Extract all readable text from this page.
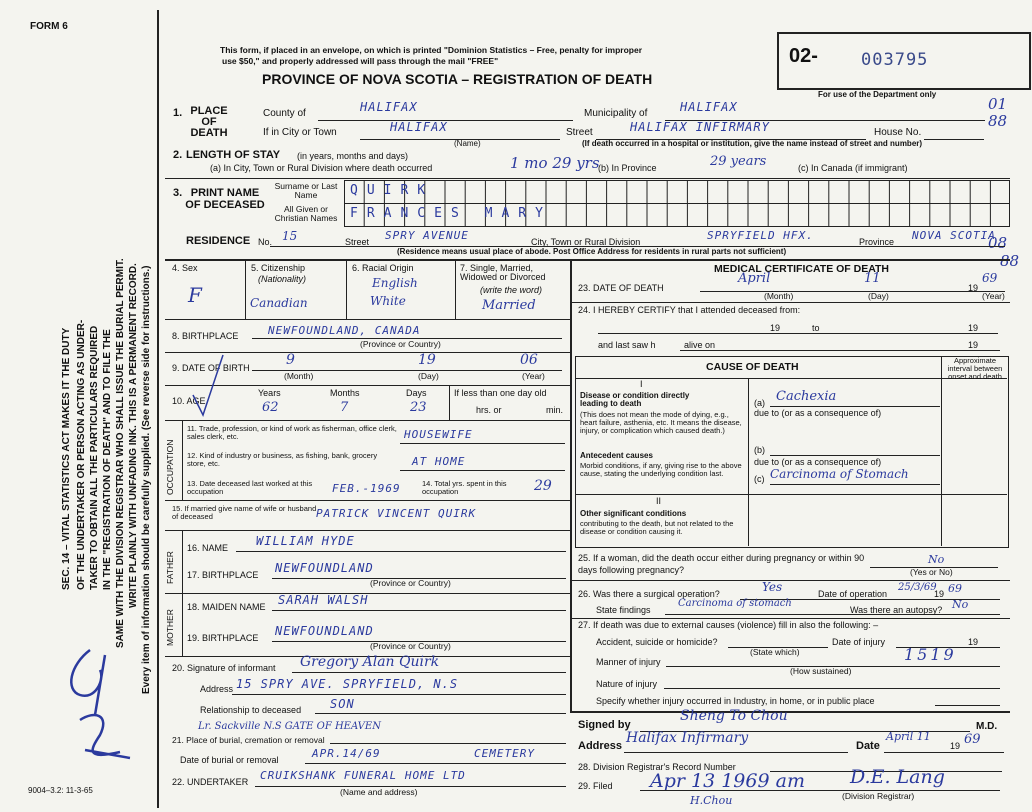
FORM 6
SEC. 14 – VITAL STATISTICS ACT MAKES IT THE DUTY OF THE UNDERTAKER OR PERSON ACTING AS UNDER- TAKER TO OBTAIN ALL THE PARTICULARS REQUIRED IN THE "REGISTRATION OF DEATH" AND TO FILE THE SAME WITH THE DIVISION REGISTRAR WHO SHALL ISSUE THE BURIAL PERMIT. WRITE PLAINLY WITH UNFADING INK. THIS IS A PERMANENT RECORD. Every item of information should be carefully supplied. (See reverse side for instructions.)
9004–3.2: 11-3-65
This form, if placed in an envelope, on which is printed "Dominion Statistics – Free, penalty for improper
use $50," and properly addressed will pass through the mail "FREE"
PROVINCE OF NOVA SCOTIA – REGISTRATION OF DEATH
02-	003795
For use of the Department only
01
88
08
88
1. PLACE OF DEATH
County of	HALIFAX	Municipality of	HALIFAX
If in City or Town	HALIFAX
(Name)
Street	HALIFAX INFIRMARY	House No.
(If death occurred in a hospital or institution, give the name instead of street and number)
2. LENGTH OF STAY (in years, months and days)
(a) In City, Town or Rural Division where death occurred	1 mo 29 yrs
(b) In Province	29 years	(c) In Canada (if immigrant)
3. PRINT NAME OF DECEASED
Surname or Last Name
All Given or Christian Names
QUIRK
FRANCES MARY
RESIDENCE No. 15	Street SPRY AVENUE	City, Town or Rural Division	SPRYFIELD HFX.	Province NOVA SCOTIA
(Residence means usual place of abode. Post Office Address for residents in rural parts not sufficient)
4. Sex
F
5. Citizenship
(Nationality)
Canadian
6. Racial Origin
English
White
7. Single, Married, Widowed or Divorced
(write the word)
Married
8. BIRTHPLACE	NEWFOUNDLAND, CANADA
(Province or Country)
9. DATE OF BIRTH	9	19	06
(Month)	(Day)	(Year)
10. AGE
Years	Months	Days
62	7	23
If less than one day old
hrs. or	min.
OCCUPATION
11. Trade, profession, or kind of work as fisherman, office clerk, sales clerk, etc.	HOUSEWIFE
12. Kind of industry or business, as fishing, bank, grocery store, etc.	AT HOME
13. Date deceased last worked at this occupation	FEB.-1969	14. Total yrs. spent in this occupation	29
15. If married give name of wife or husband of deceased	PATRICK VINCENT QUIRK
FATHER
16. NAME WILLIAM HYDE
17. BIRTHPLACE NEWFOUNDLAND
(Province or Country)
MOTHER
18. MAIDEN NAME SARAH WALSH
19. BIRTHPLACE NEWFOUNDLAND
(Province or Country)
20. Signature of informant Gregory Alan Quirk
Address 15 SPRY AVE. SPRYFIELD, N.S
Relationship to deceased SON
21. Place of burial, cremation or removal
Lr. Sackville N.S GATE OF HEAVEN
Date of burial or removal	APR.14/69	CEMETERY
22. UNDERTAKER CRUIKSHANK FUNERAL HOME LTD
(Name and address)
MEDICAL CERTIFICATE OF DEATH
23. DATE OF DEATH
April	11
19
69
(Month)	(Day)	(Year)
24. I HEREBY CERTIFY that I attended deceased from:
19	to	19
and last saw h	alive on	19
CAUSE OF DEATH
Approximate interval between onset and death
I
Disease or condition directly leading to death
(This does not mean the mode of dying, e.g., heart failure, asthenia, etc. It means the disease, injury, or complication which caused death.)
(a) Cachexia
due to (or as a consequence of)
Antecedent causes
Morbid conditions, if any, giving rise to the above cause, stating the underlying condition last.
(b)
due to (or as a consequence of)
(c) Carcinoma of Stomach
II
Other significant conditions
contributing to the death, but not related to the disease or condition causing it.
25. If a woman, did the death occur either during pregnancy or within 90 days following pregnancy?
No
(Yes or No)
26. Was there a surgical operation?	Yes	Date of operation
25/3/69
19 69
State findings
Carcinoma of stomach
Was there an autopsy? No
27. If death was due to external causes (violence) fill in also the following: –
Accident, suicide or homicide?	Date of injury	19
(State which)
Manner of injury	1519
(How sustained)
Nature of injury
Specify whether injury occurred in Industry, in home, or in public place
Signed by
Sheng To Chou
M.D.
Address Halifax Infirmary	Date
April 11
19 69
28. Division Registrar's Record Number
29. Filed Apr 13 1969 am D.E. Lang
(Division Registrar)
H.Chou
